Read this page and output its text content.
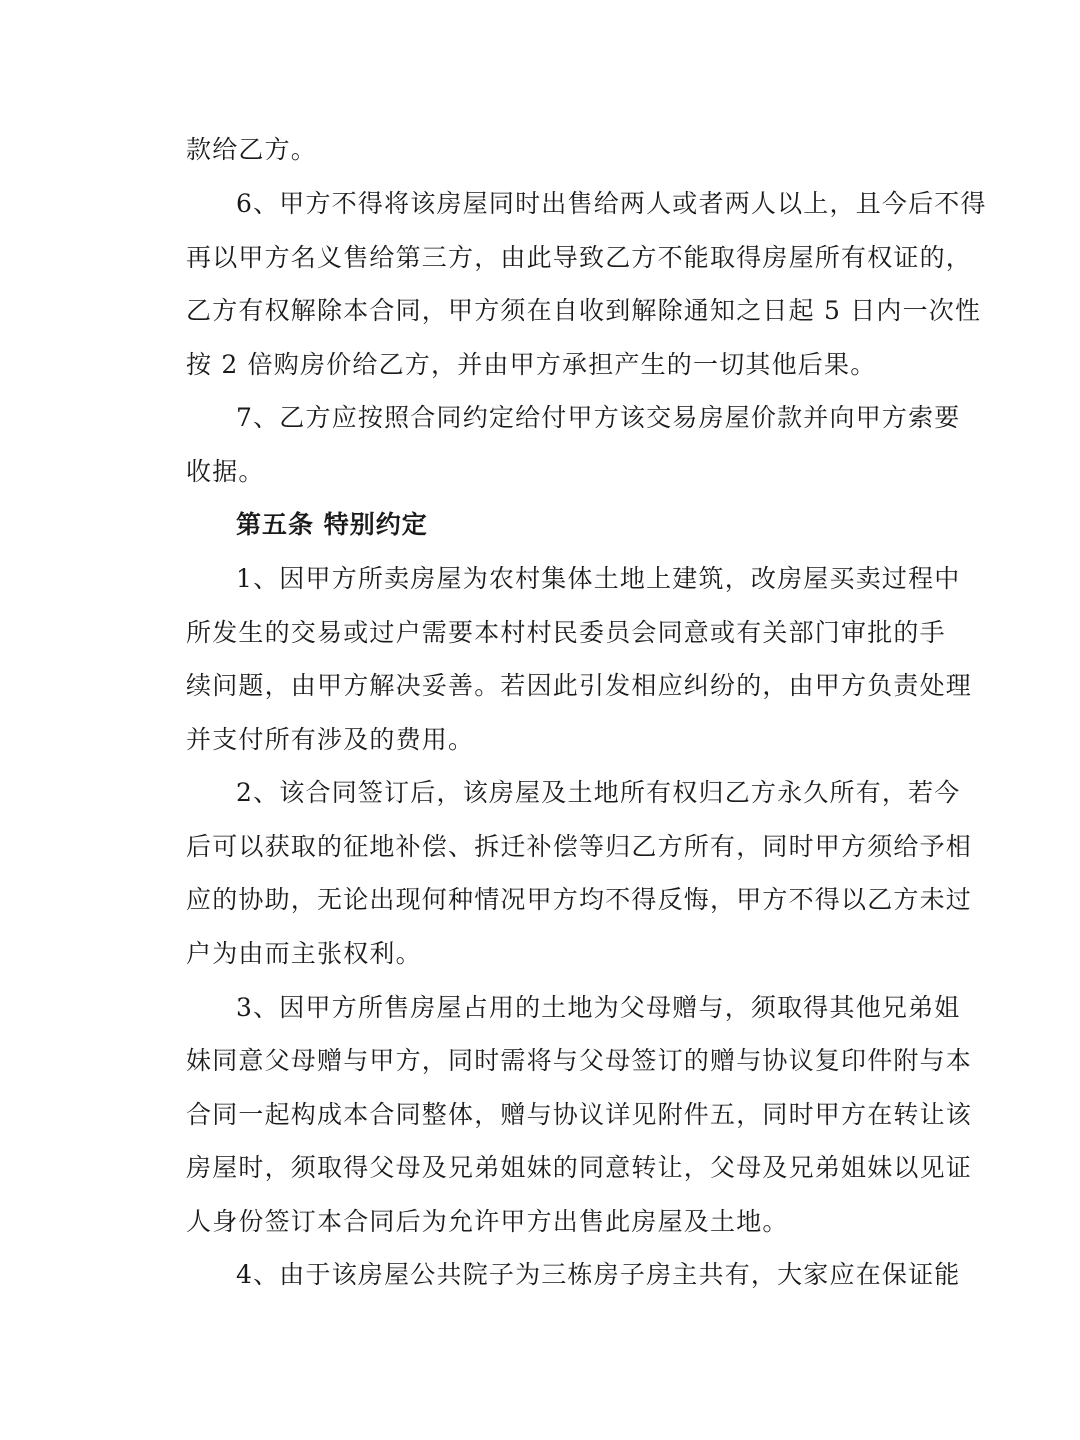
款给乙方。
6、甲方不得将该房屋同时出售给两人或者两人以上，且今后不得
再以甲方名义售给第三方，由此导致乙方不能取得房屋所有权证的，
乙方有权解除本合同，甲方须在自收到解除通知之日起 5 日内一次性
按 2 倍购房价给乙方，并由甲方承担产生的一切其他后果。
7、乙方应按照合同约定给付甲方该交易房屋价款并向甲方索要
收据。
第五条 特别约定
1、因甲方所卖房屋为农村集体土地上建筑，改房屋买卖过程中
所发生的交易或过户需要本村村民委员会同意或有关部门审批的手
续问题，由甲方解决妥善。若因此引发相应纠纷的，由甲方负责处理
并支付所有涉及的费用。
2、该合同签订后，该房屋及土地所有权归乙方永久所有，若今
后可以获取的征地补偿、拆迁补偿等归乙方所有，同时甲方须给予相
应的协助，无论出现何种情况甲方均不得反悔，甲方不得以乙方未过
户为由而主张权利。
3、因甲方所售房屋占用的土地为父母赠与，须取得其他兄弟姐
妹同意父母赠与甲方，同时需将与父母签订的赠与协议复印件附与本
合同一起构成本合同整体，赠与协议详见附件五，同时甲方在转让该
房屋时，须取得父母及兄弟姐妹的同意转让，父母及兄弟姐妹以见证
人身份签订本合同后为允许甲方出售此房屋及土地。
4、由于该房屋公共院子为三栋房子房主共有，大家应在保证能
